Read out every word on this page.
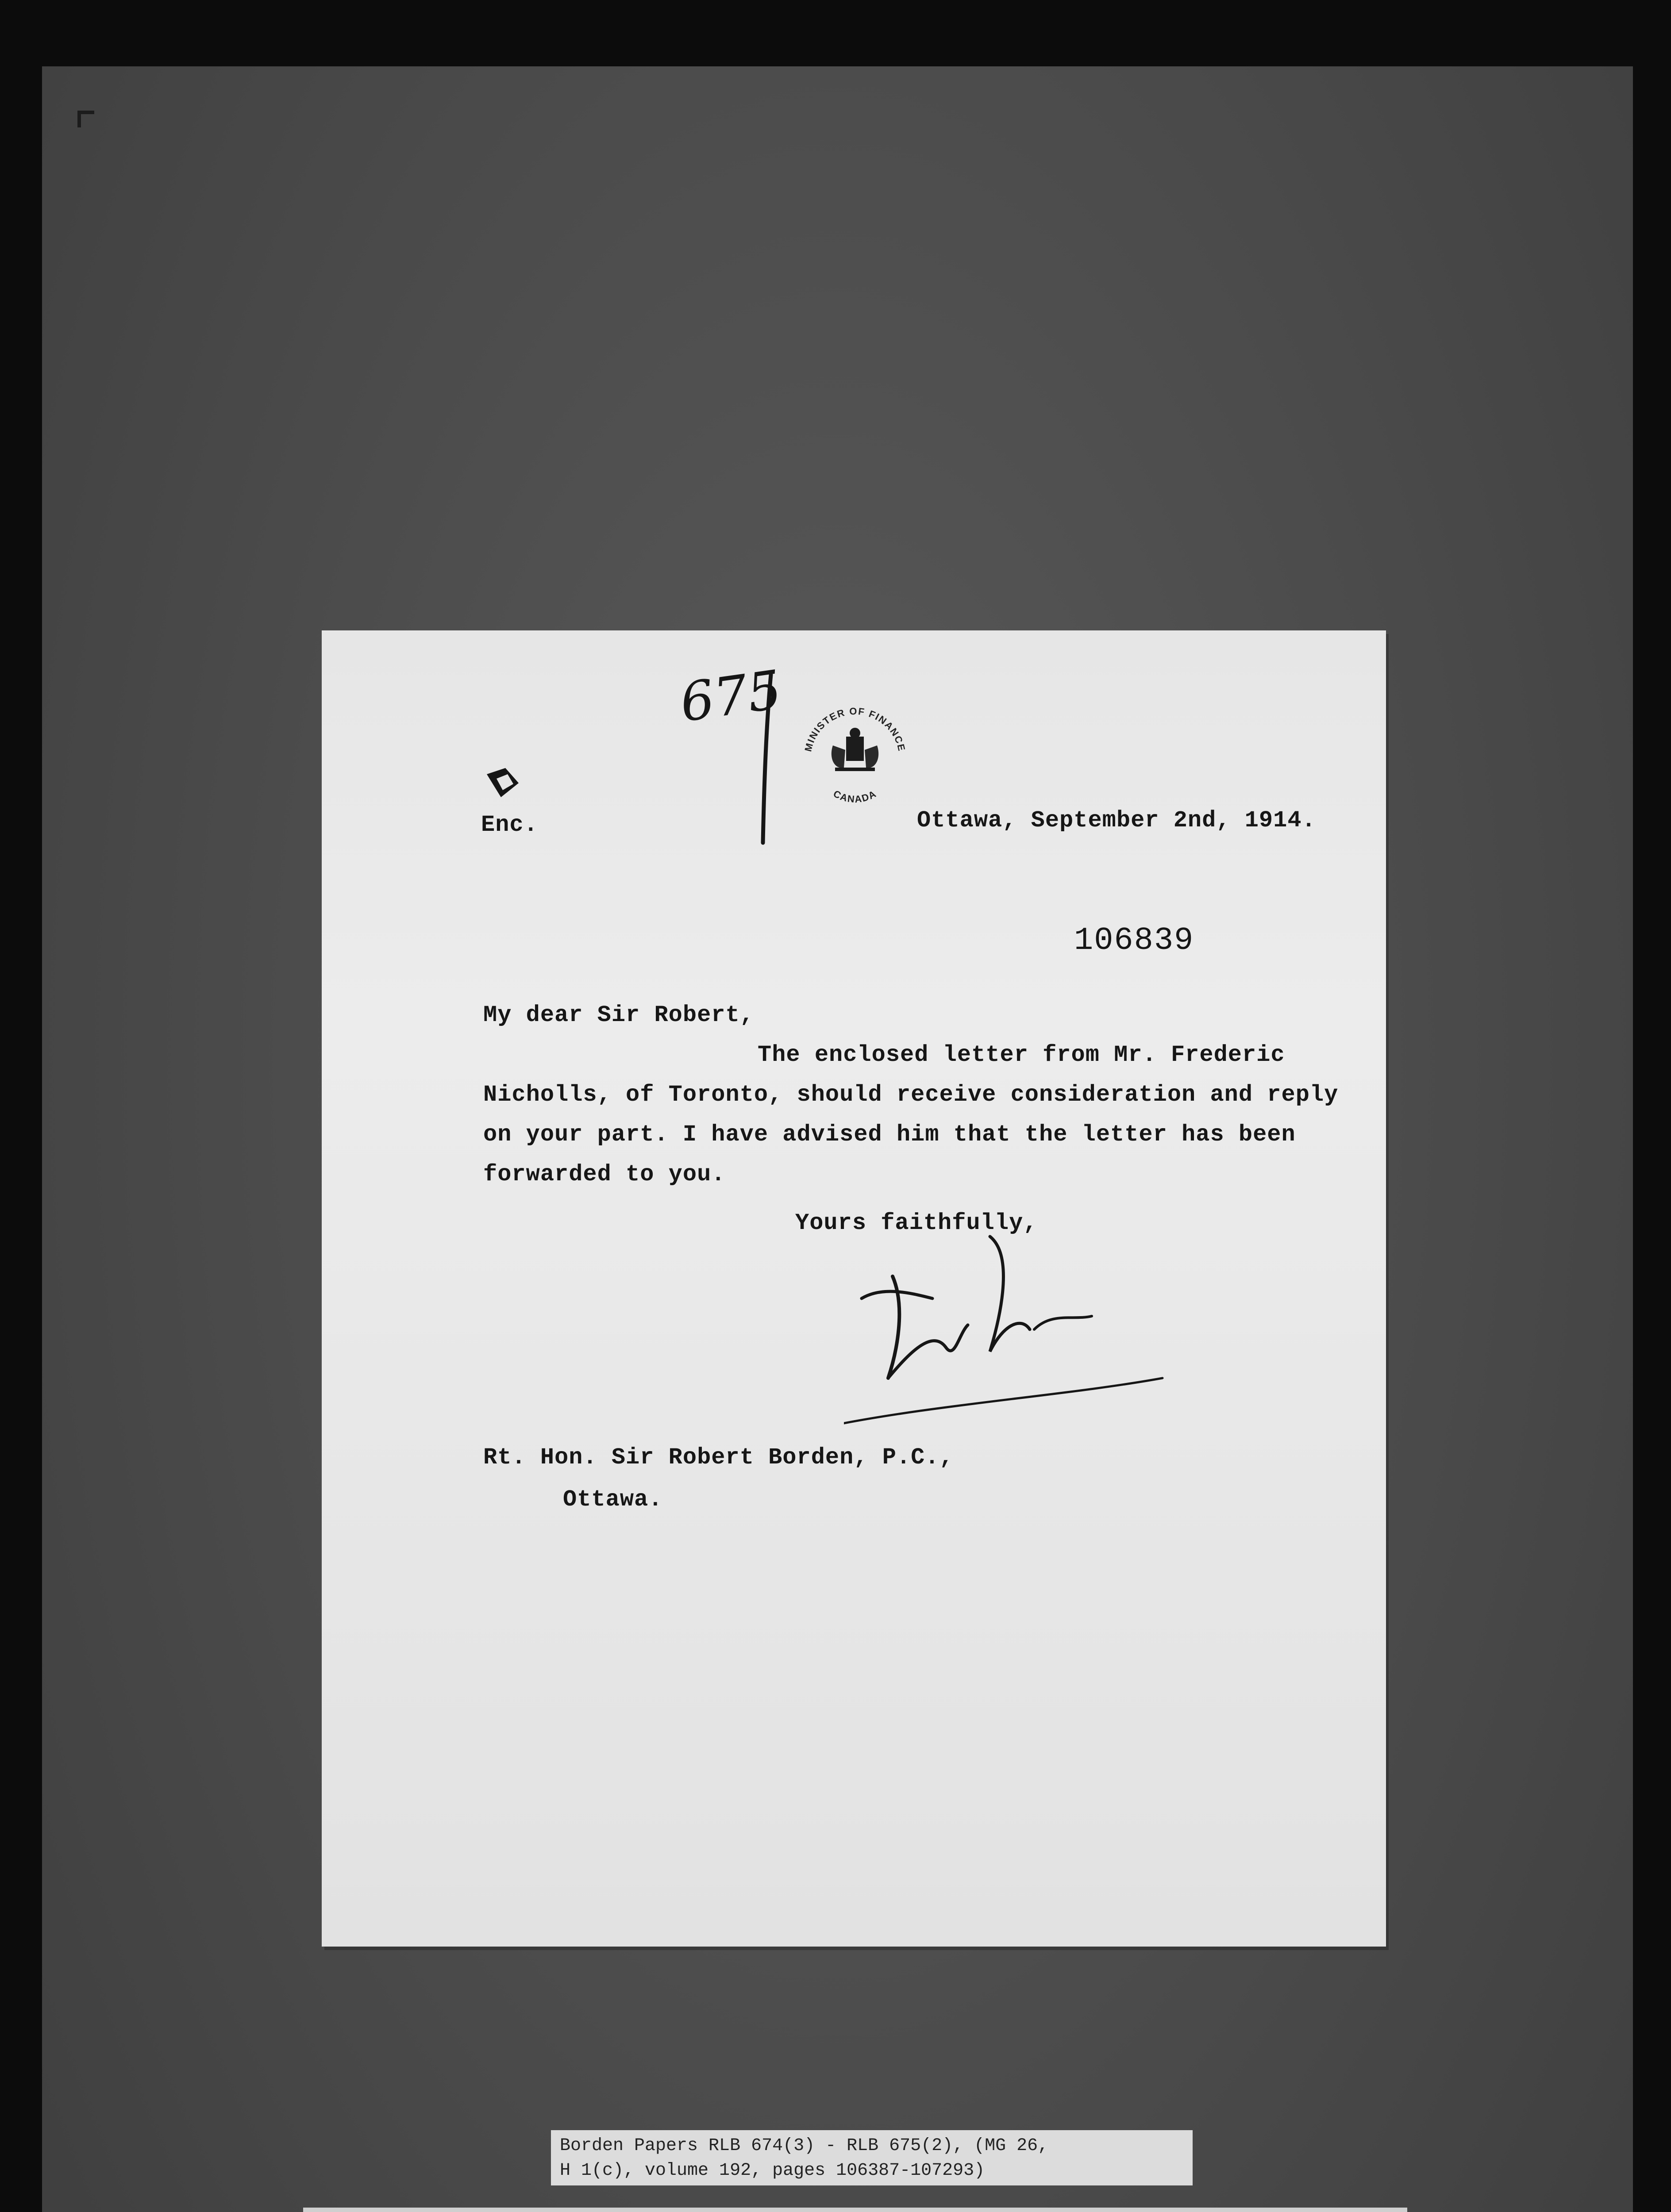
675
MINISTER OF FINANCE
CANADA
Enc.	Ottawa, September 2nd, 1914.
106839
My dear Sir Robert,
The enclosed letter from Mr. Frederic
Nicholls, of Toronto, should receive consideration and reply
on your part. I have advised him that the letter has been
forwarded to you.
Yours faithfully,
Rt. Hon. Sir Robert Borden, P.C.,
Ottawa.
Borden Papers RLB 674(3) - RLB 675(2), (MG 26,
H 1(c), volume 192, pages 106387-107293)
